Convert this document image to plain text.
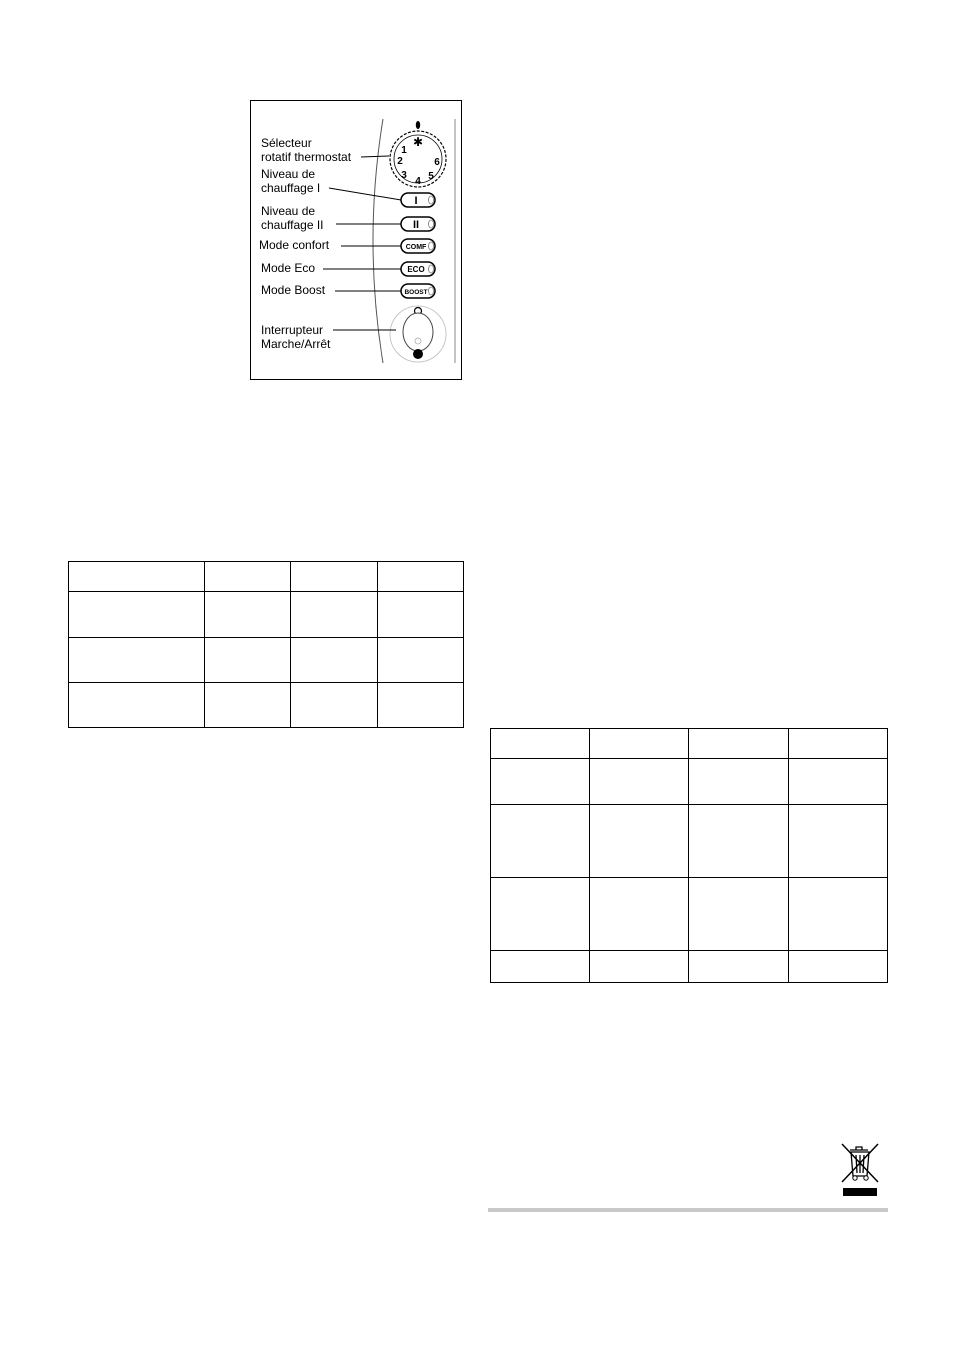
✱
1
2
3
4 5
6
I
II
COMF
ECO
BOOST
Sélecteur
rotatif thermostat
Niveau de
chauffage I
Niveau de
chauffage II
Mode confort
Mode Eco
Mode Boost
Interrupteur
Marche/Arrêt
